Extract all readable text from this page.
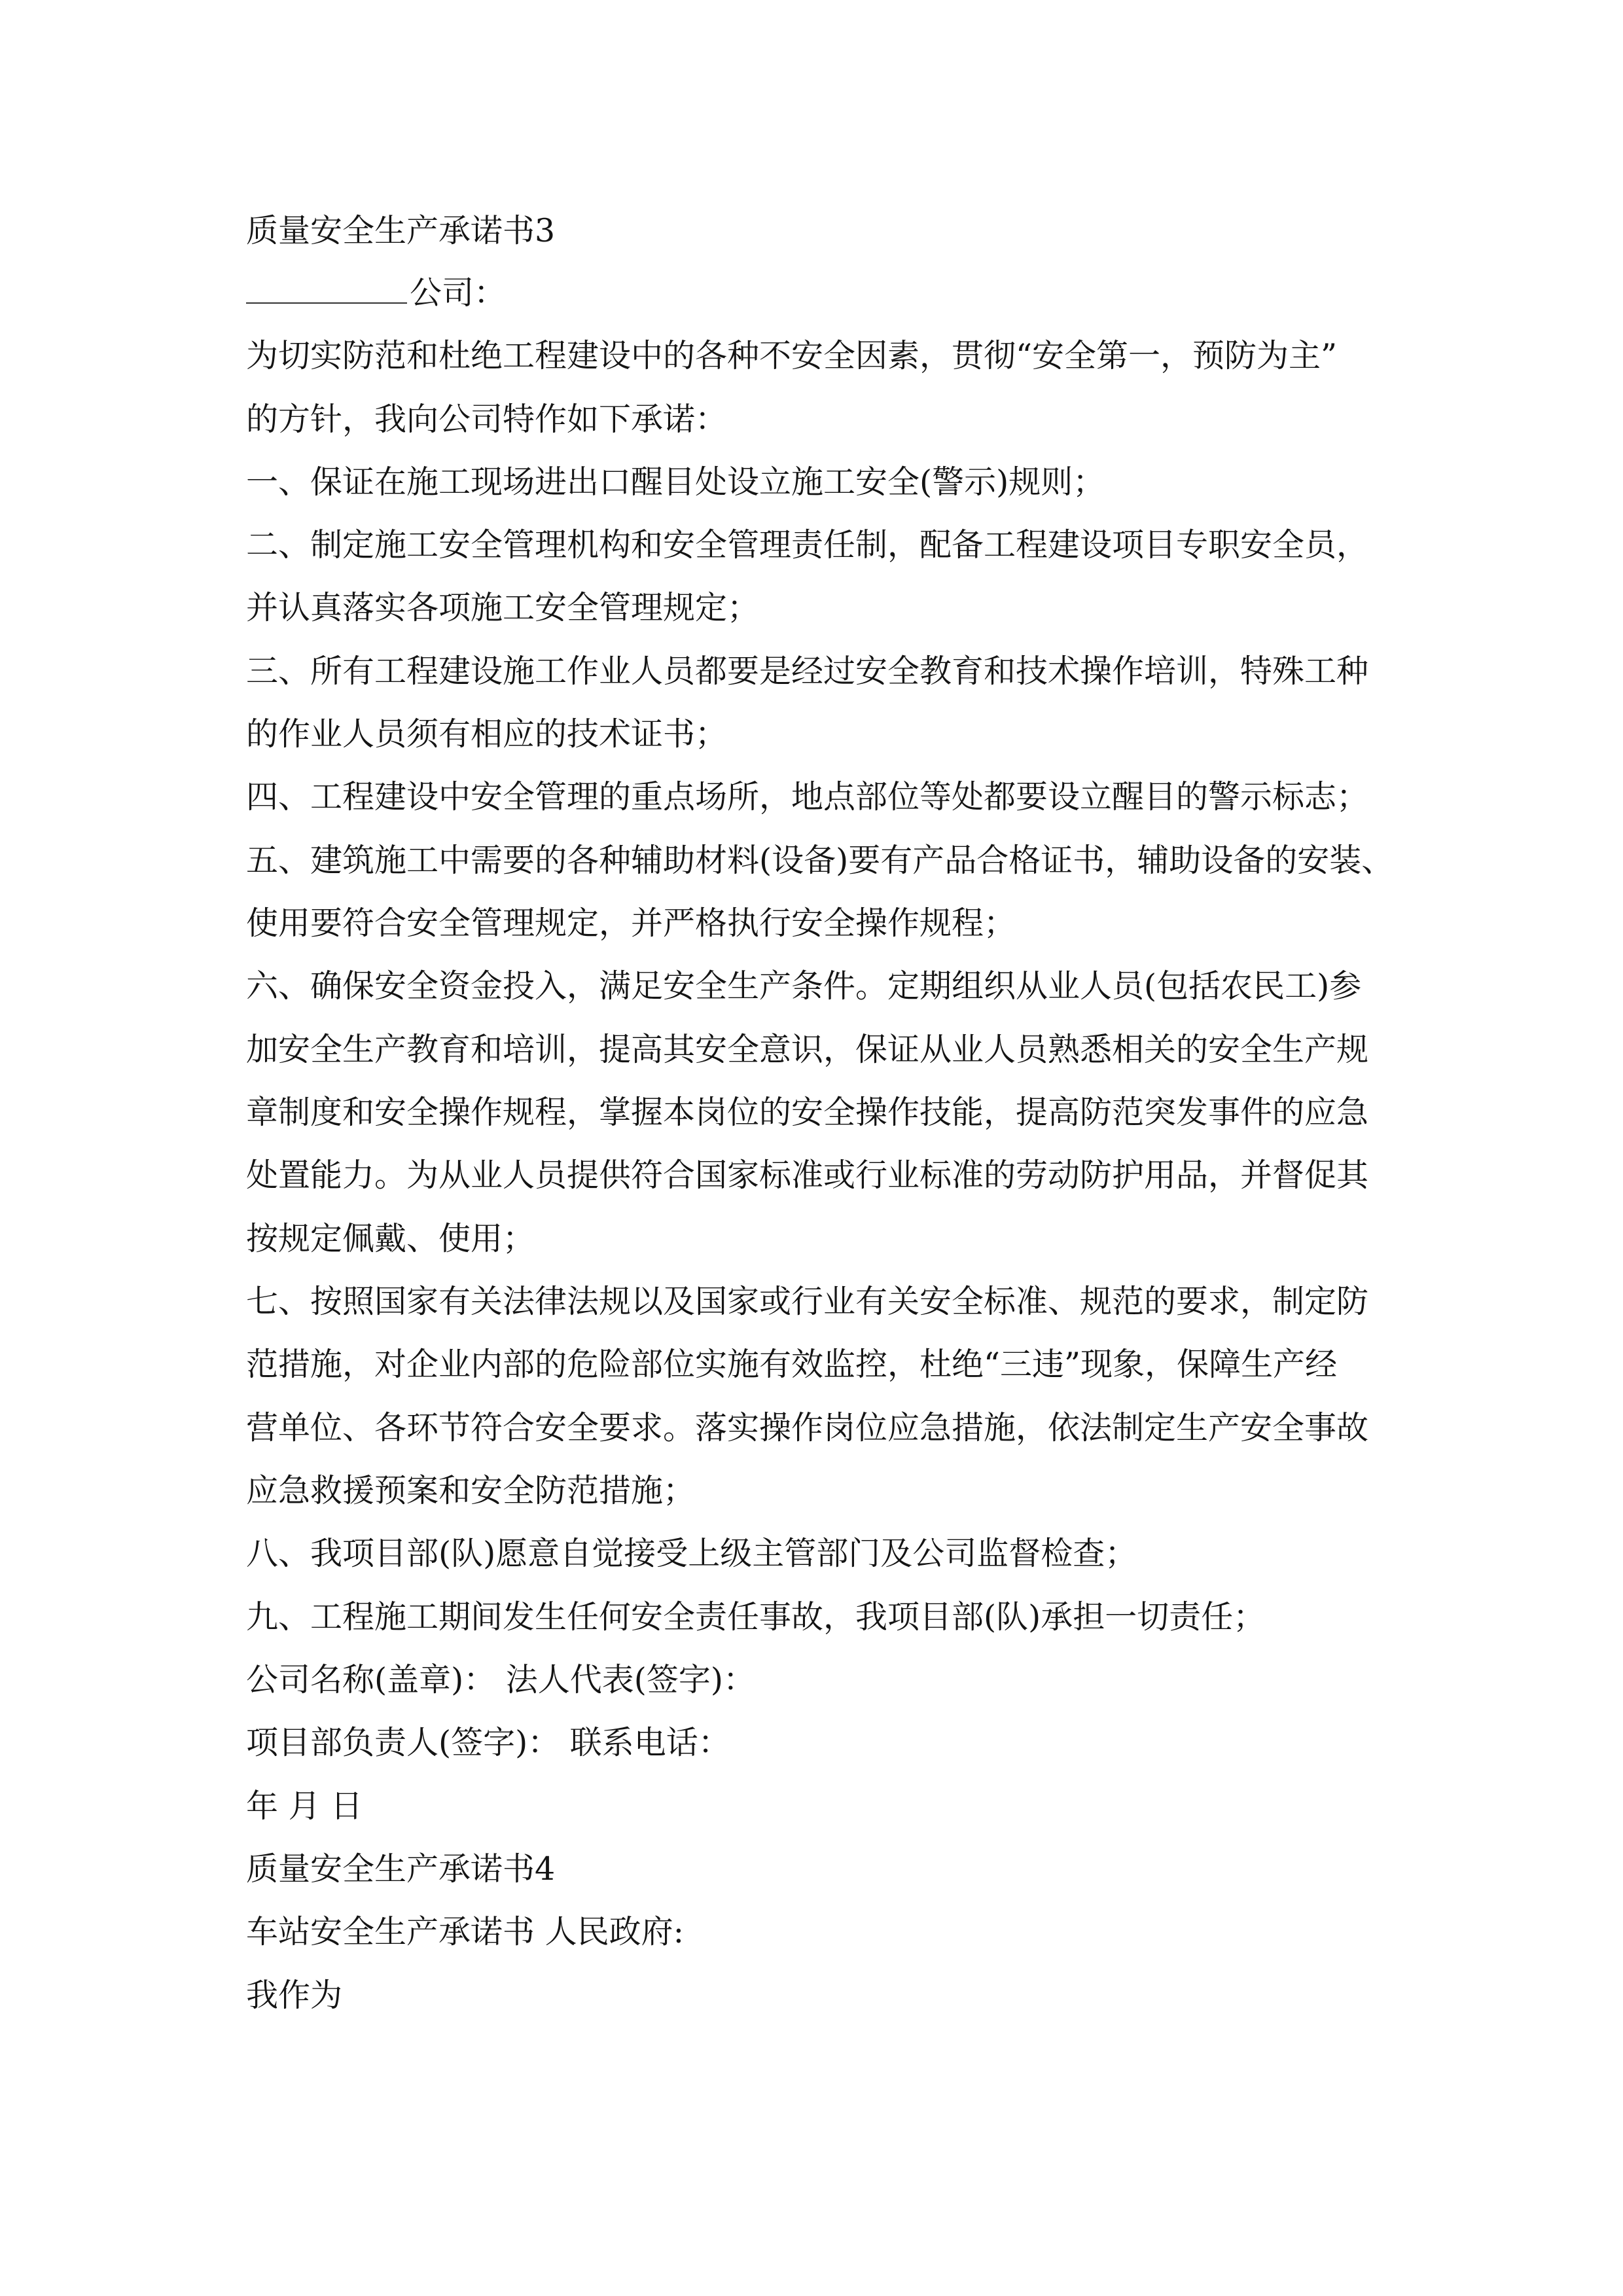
质量安全生产承诺书3
公司：
为切实防范和杜绝工程建设中的各种不安全因素，贯彻“安全第一，预防为主”
的方针，我向公司特作如下承诺：
一、保证在施工现场进出口醒目处设立施工安全(警示)规则；
二、制定施工安全管理机构和安全管理责任制，配备工程建设项目专职安全员，
并认真落实各项施工安全管理规定；
三、所有工程建设施工作业人员都要是经过安全教育和技术操作培训，特殊工种
的作业人员须有相应的技术证书；
四、工程建设中安全管理的重点场所，地点部位等处都要设立醒目的警示标志；
五、建筑施工中需要的各种辅助材料(设备)要有产品合格证书，辅助设备的安装、
使用要符合安全管理规定，并严格执行安全操作规程；
六、确保安全资金投入，满足安全生产条件。定期组织从业人员(包括农民工)参
加安全生产教育和培训，提高其安全意识，保证从业人员熟悉相关的安全生产规
章制度和安全操作规程，掌握本岗位的安全操作技能，提高防范突发事件的应急
处置能力。为从业人员提供符合国家标准或行业标准的劳动防护用品，并督促其
按规定佩戴、使用；
七、按照国家有关法律法规以及国家或行业有关安全标准、规范的要求，制定防
范措施，对企业内部的危险部位实施有效监控，杜绝“三违”现象，保障生产经
营单位、各环节符合安全要求。落实操作岗位应急措施，依法制定生产安全事故
应急救援预案和安全防范措施；
八、我项目部(队)愿意自觉接受上级主管部门及公司监督检查；
九、工程施工期间发生任何安全责任事故，我项目部(队)承担一切责任；
公司名称(盖章)： 法人代表(签字)：
项目部负责人(签字)： 联系电话：
年 月 日
质量安全生产承诺书4
车站安全生产承诺书 人民政府:
我作为
